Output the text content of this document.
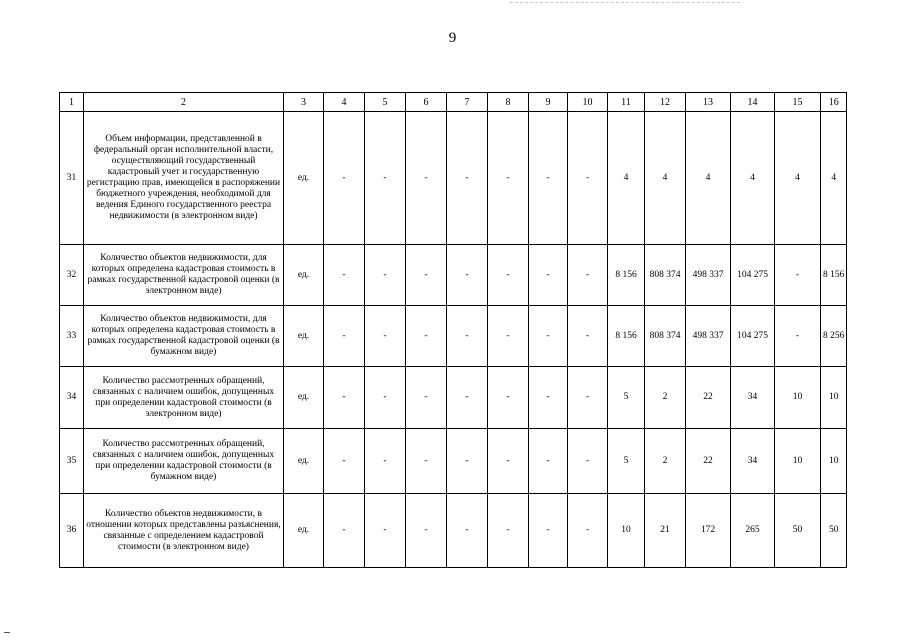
9
1	2	3	4	5	6	7	8	9	10	11	12	13	14	15	16
31	Объем информации, представленной в федеральный орган исполнительной власти, осуществляющий государственный кадастровый учет и государственную регистрацию прав, имеющейся в распоряжении бюджетного учреждения, необходимой для ведения Единого государственного реестра недвижимости (в электронном виде)	ед.	-	-	-	-	-	-	-	4	4	4	4	4	4
32	Количество объектов недвижимости, для которых определена кадастровая стоимость в рамках государственной кадастровой оценки (в электронном виде)	ед.	-	-	-	-	-	-	-	8 156	808 374	498 337	104 275	-	8 156
33	Количество объектов недвижимости, для которых определена кадастровая стоимость в рамках государственной кадастровой оценки (в бумажном виде)	ед.	-	-	-	-	-	-	-	8 156	808 374	498 337	104 275	-	8 256
34	Количество рассмотренных обращений, связанных с наличием ошибок, допущенных при определении кадастровой стоимости (в электронном виде)	ед.	-	-	-	-	-	-	-	5	2	22	34	10	10
35	Количество рассмотренных обращений, связанных с наличием ошибок, допущенных при определении кадастровой стоимости (в бумажном виде)	ед.	-	-	-	-	-	-	-	5	2	22	34	10	10
36	Количество объектов недвижимости, в отношении которых представлены разъяснения, связанные с определением кадастровой стоимости (в электронном виде)	ед.	-	-	-	-	-	-	-	10	21	172	265	50	50
